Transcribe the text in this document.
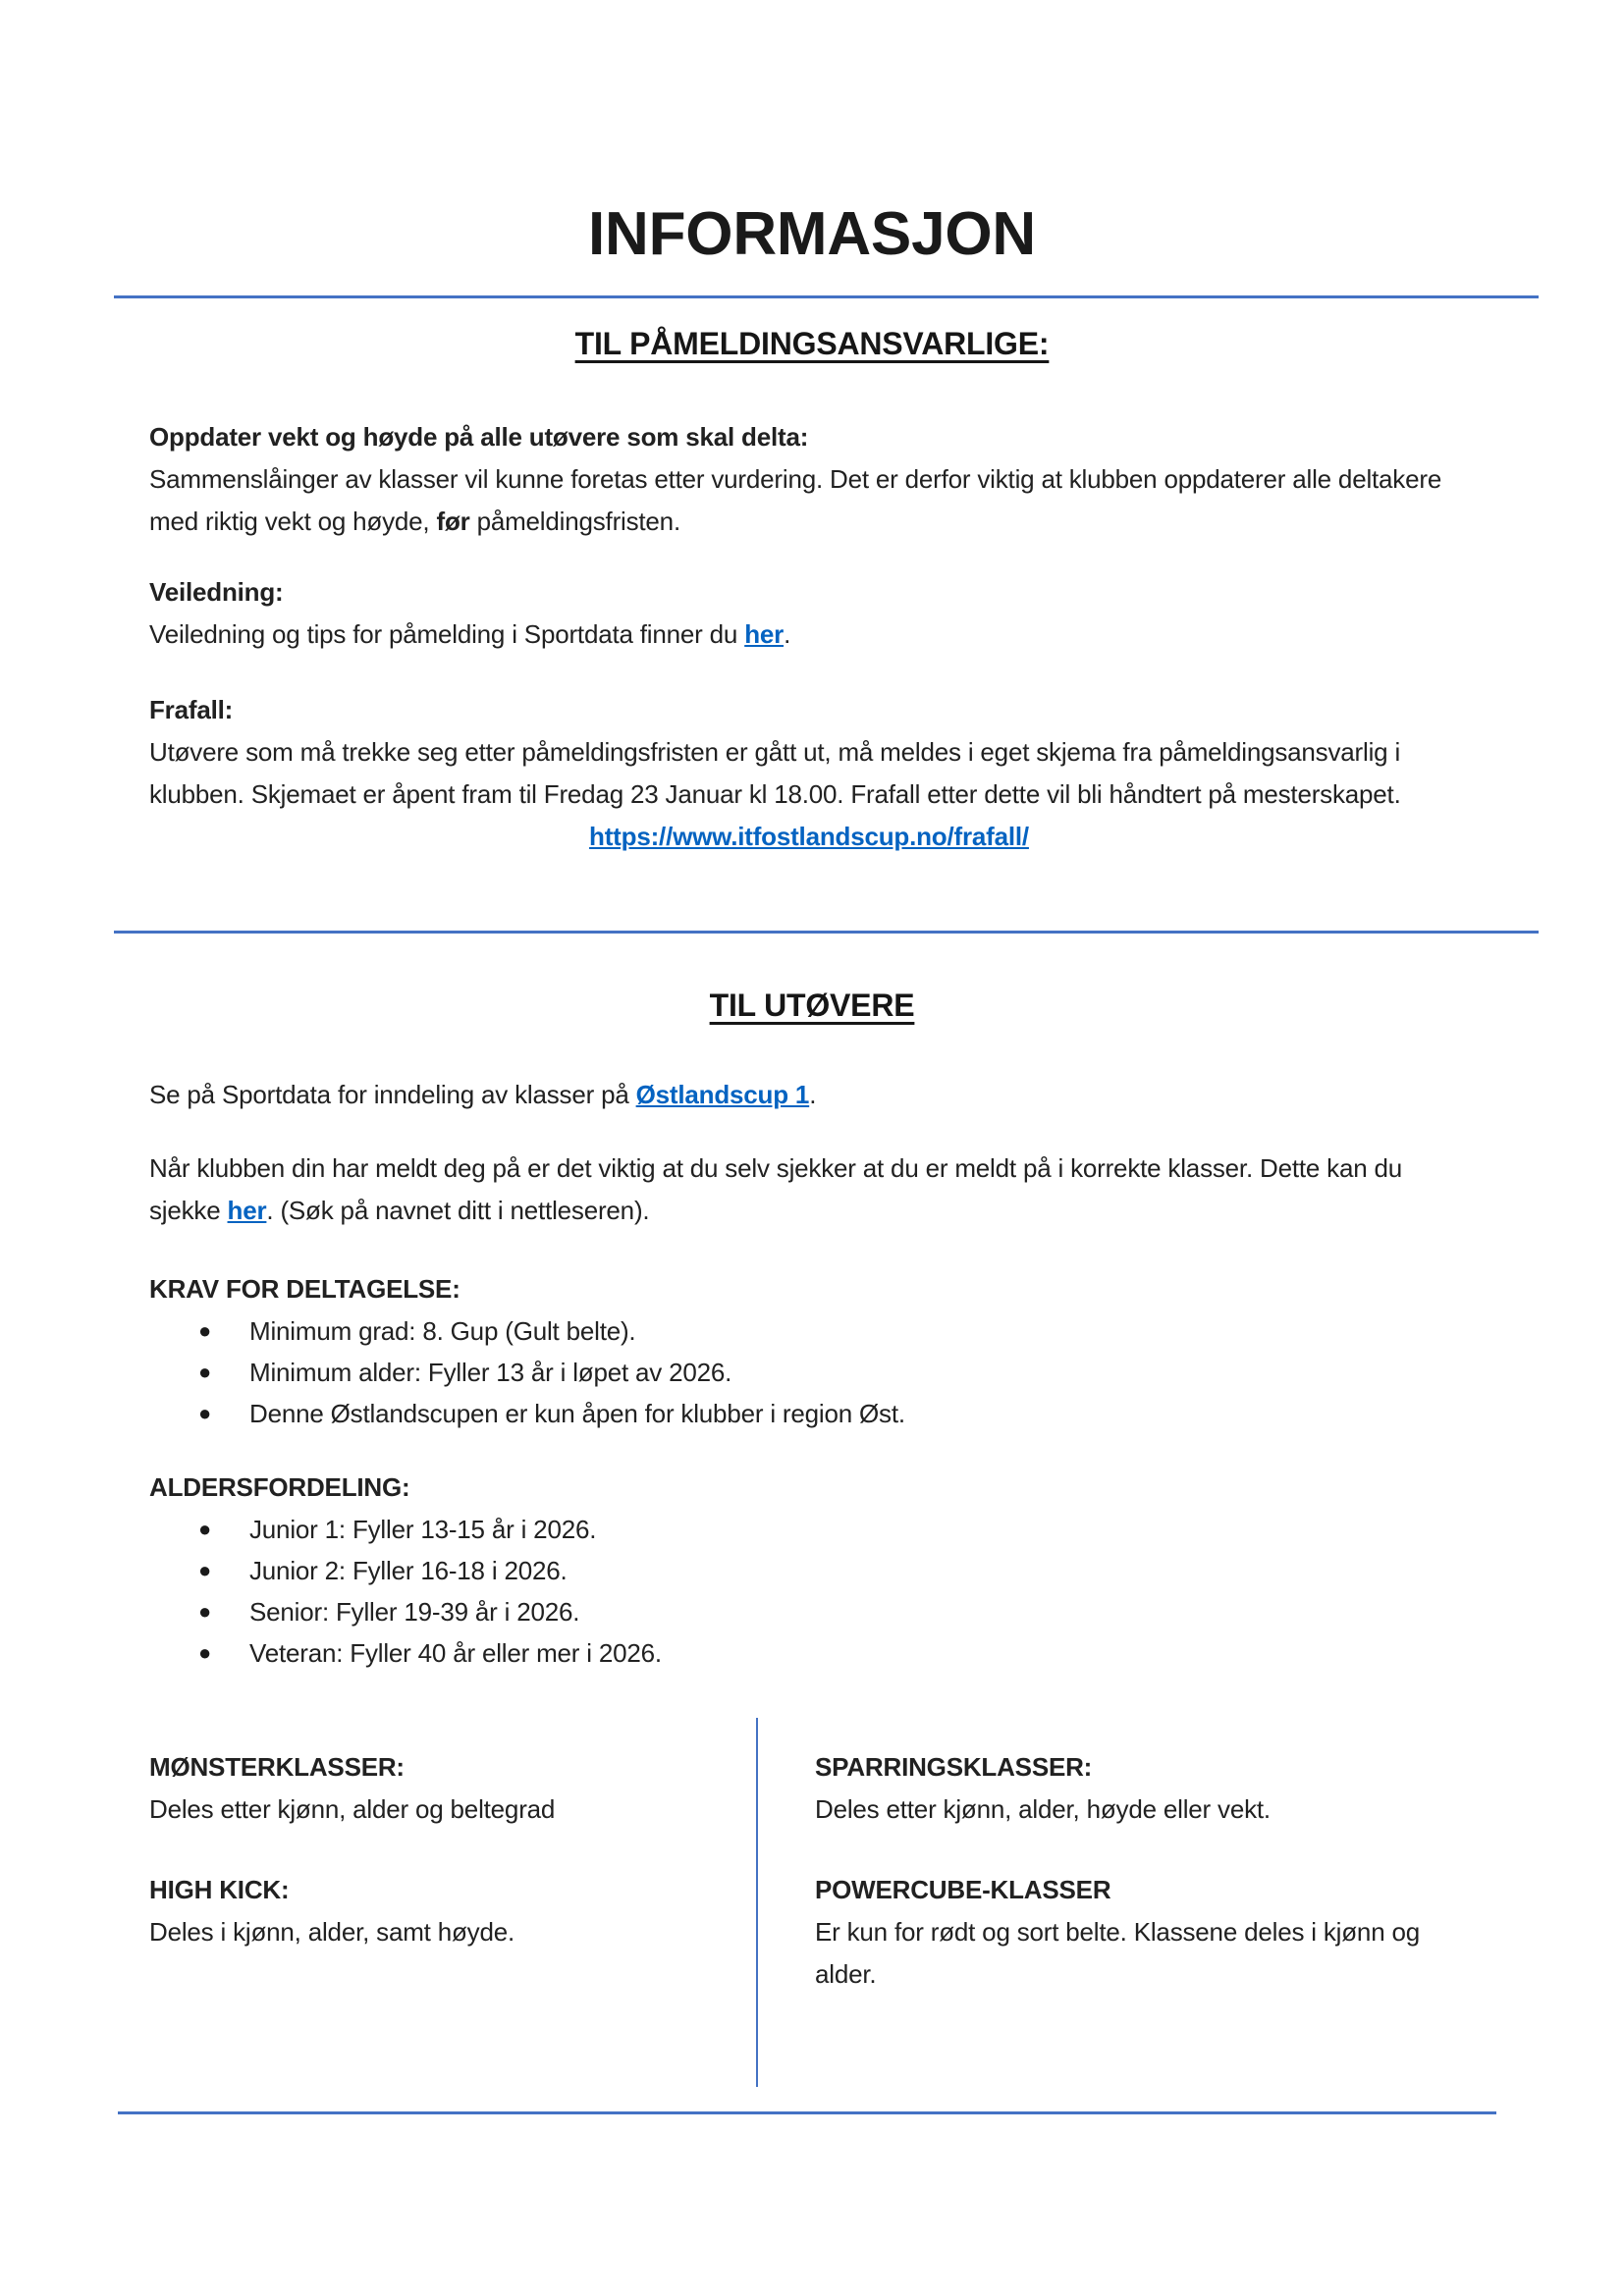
INFORMASJON
TIL PÅMELDINGSANSVARLIGE:
Oppdater vekt og høyde på alle utøvere som skal delta:
Sammenslåinger av klasser vil kunne foretas etter vurdering. Det er derfor viktig at klubben oppdaterer alle deltakere med riktig vekt og høyde, før påmeldingsfristen.
Veiledning:
Veiledning og tips for påmelding i Sportdata finner du her.
Frafall:
Utøvere som må trekke seg etter påmeldingsfristen er gått ut, må meldes i eget skjema fra påmeldingsansvarlig i klubben. Skjemaet er åpent fram til Fredag 23 Januar kl 18.00. Frafall etter dette vil bli håndtert på mesterskapet.
https://www.itfostlandscup.no/frafall/
TIL UTØVERE
Se på Sportdata for inndeling av klasser på Østlandscup 1.
Når klubben din har meldt deg på er det viktig at du selv sjekker at du er meldt på i korrekte klasser. Dette kan du sjekke her. (Søk på navnet ditt i nettleseren).
KRAV FOR DELTAGELSE:
●	Minimum grad: 8. Gup (Gult belte).
●	Minimum alder: Fyller 13 år i løpet av 2026.
●	Denne Østlandscupen er kun åpen for klubber i region Øst.
ALDERSFORDELING:
●	Junior 1: Fyller 13-15 år i 2026.
●	Junior 2: Fyller 16-18 i 2026.
●	Senior: Fyller 19-39 år i 2026.
●	Veteran: Fyller 40 år eller mer i 2026.
MØNSTERKLASSER:
Deles etter kjønn, alder og beltegrad
HIGH KICK:
Deles i kjønn, alder, samt høyde.
SPARRINGSKLASSER:
Deles etter kjønn, alder, høyde eller vekt.
POWERCUBE-KLASSER
Er kun for rødt og sort belte. Klassene deles i kjønn og alder.
